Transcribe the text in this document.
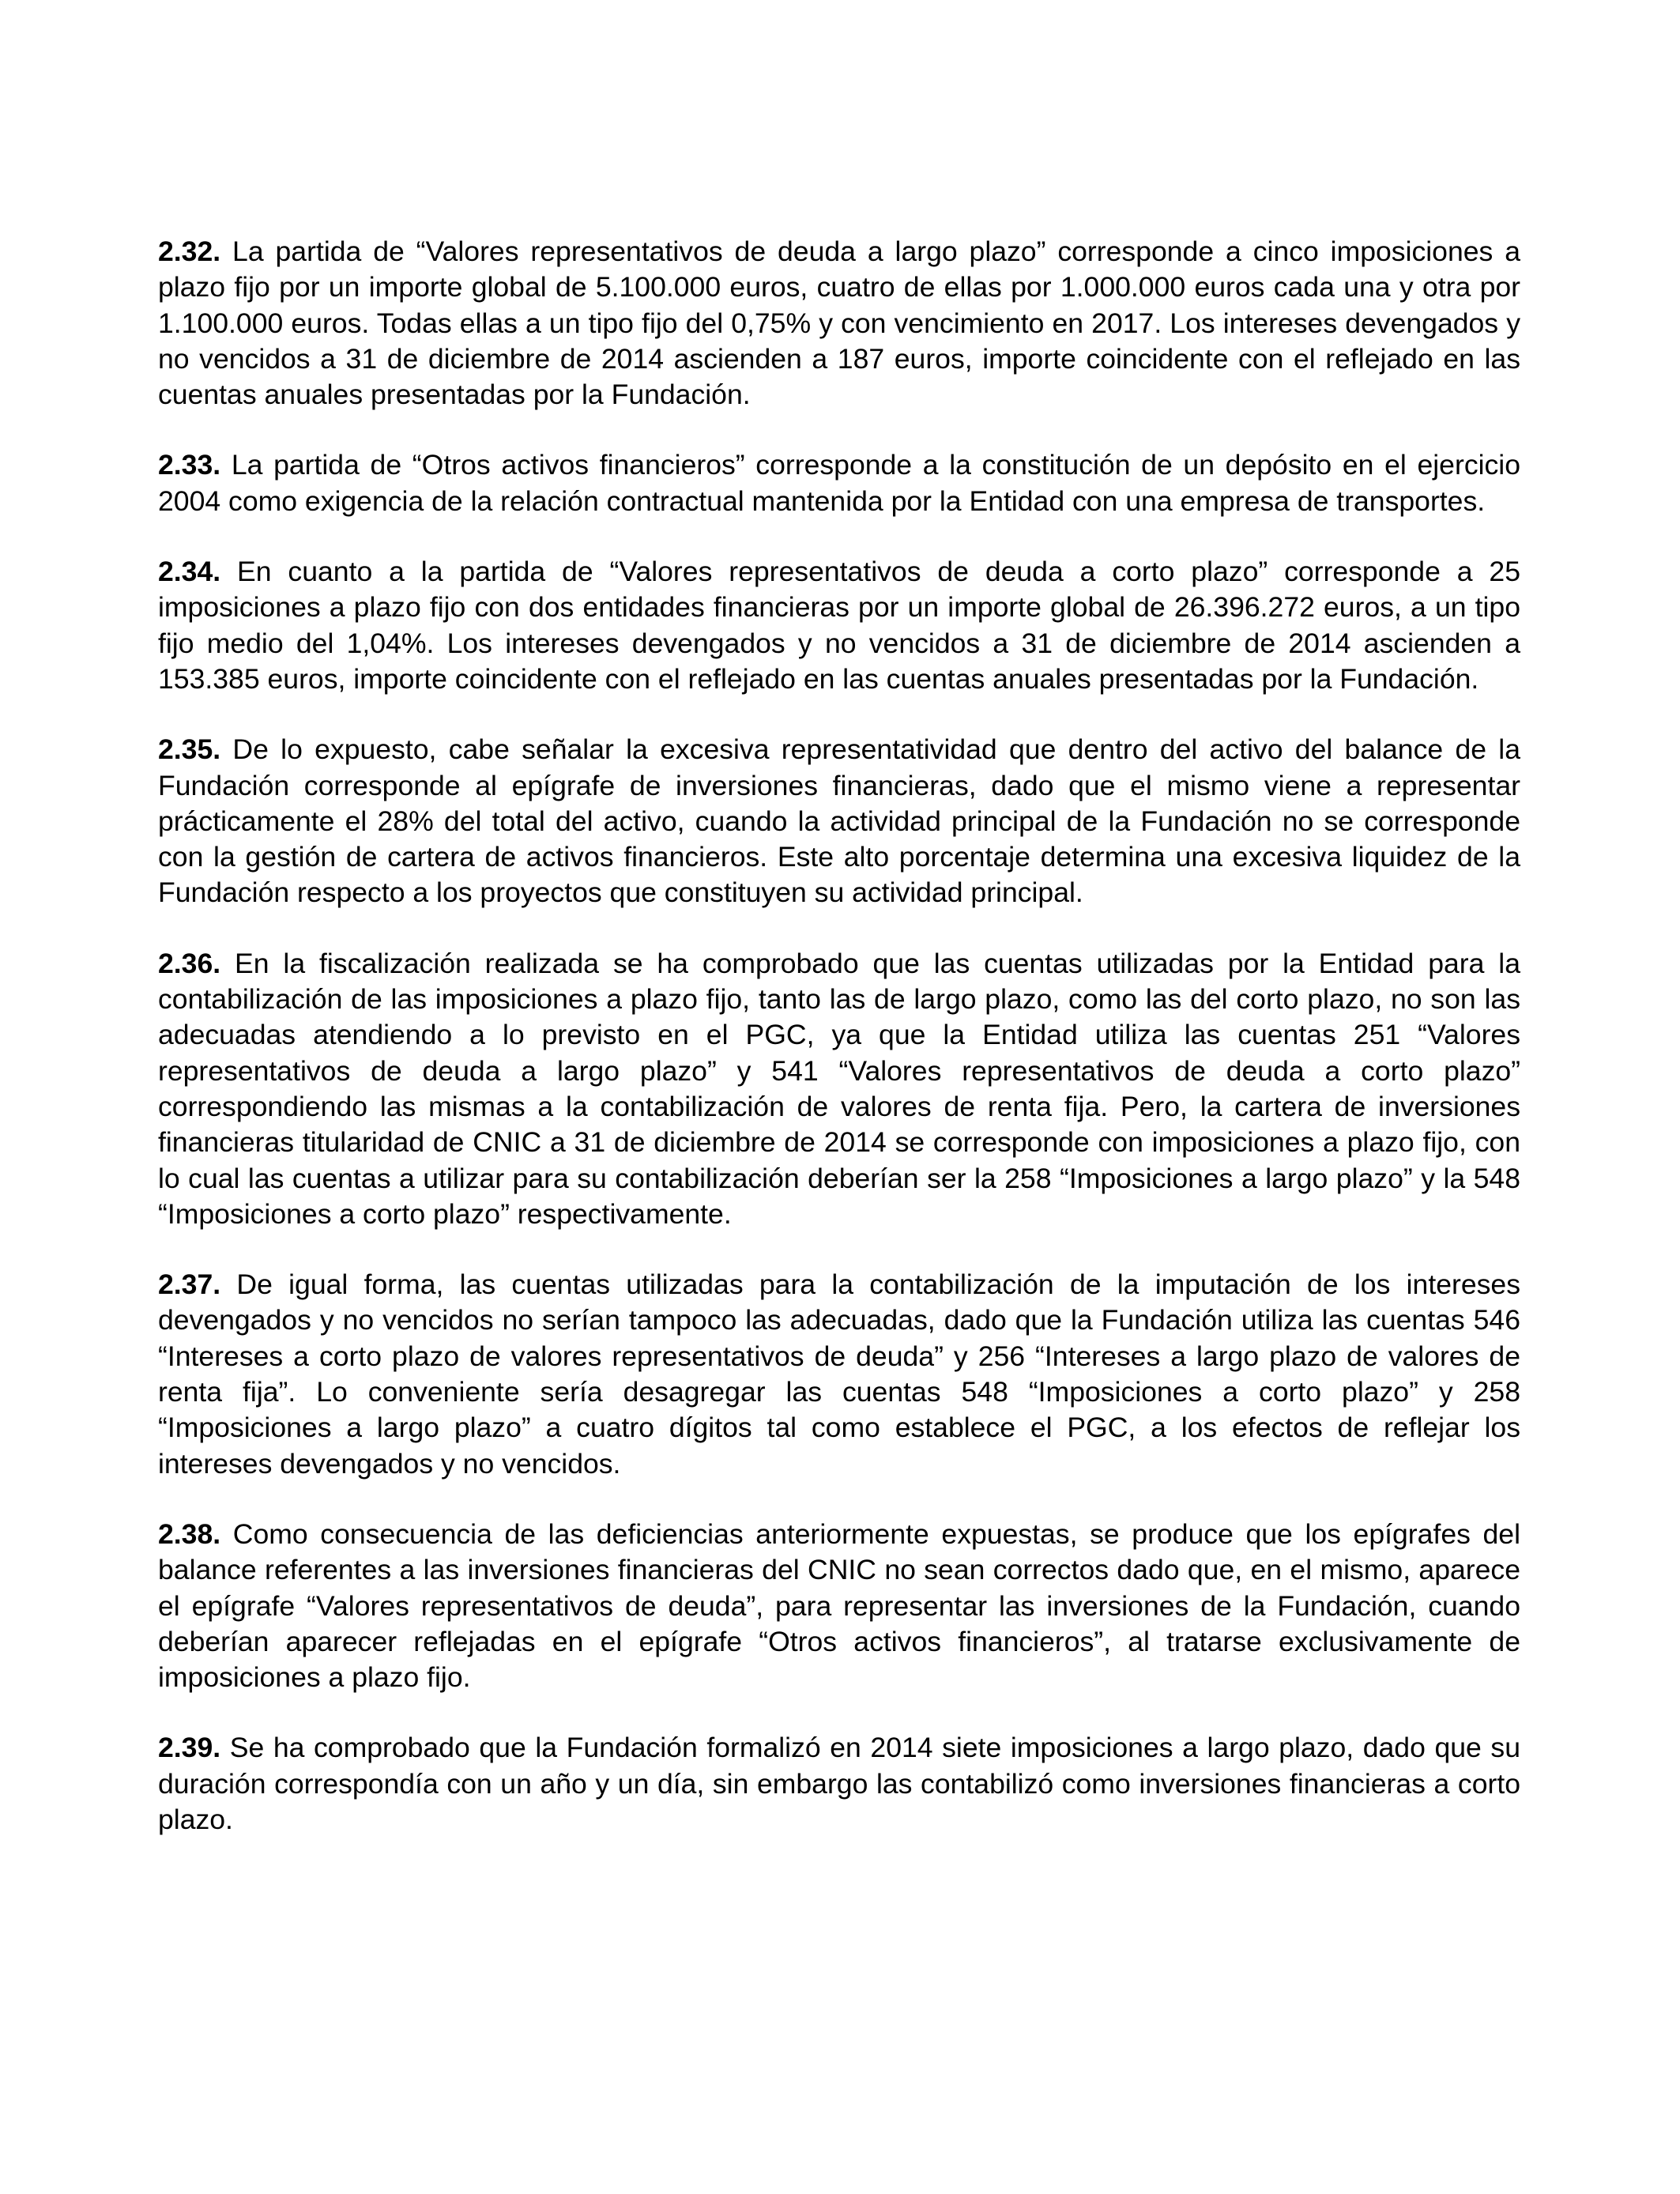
2.32. La partida de “Valores representativos de deuda a largo plazo” corresponde a cinco imposiciones a plazo fijo por un importe global de 5.100.000 euros, cuatro de ellas por 1.000.000 euros cada una y otra por 1.100.000 euros. Todas ellas a un tipo fijo del 0,75% y con vencimiento en 2017. Los intereses devengados y no vencidos a 31 de diciembre de 2014 ascienden a 187 euros, importe coincidente con el reflejado en las cuentas anuales presentadas por la Fundación.

2.33. La partida de “Otros activos financieros” corresponde a la constitución de un depósito en el ejercicio 2004 como exigencia de la relación contractual mantenida por la Entidad con una empresa de transportes.

2.34. En cuanto a la partida de “Valores representativos de deuda a corto plazo” corresponde a 25 imposiciones a plazo fijo con dos entidades financieras por un importe global de 26.396.272 euros, a un tipo fijo medio del 1,04%. Los intereses devengados y no vencidos a 31 de diciembre de 2014 ascienden a 153.385 euros, importe coincidente con el reflejado en las cuentas anuales presentadas por la Fundación.

2.35. De lo expuesto, cabe señalar la excesiva representatividad que dentro del activo del balance de la Fundación corresponde al epígrafe de inversiones financieras, dado que el mismo viene a representar prácticamente el 28% del total del activo, cuando la actividad principal de la Fundación no se corresponde con la gestión de cartera de activos financieros. Este alto porcentaje determina una excesiva liquidez de la Fundación respecto a los proyectos que constituyen su actividad principal.

2.36. En la fiscalización realizada se ha comprobado que las cuentas utilizadas por la Entidad para la contabilización de las imposiciones a plazo fijo, tanto las de largo plazo, como las del corto plazo, no son las adecuadas atendiendo a lo previsto en el PGC, ya que la Entidad utiliza las cuentas 251 “Valores representativos de deuda a largo plazo” y 541 “Valores representativos de deuda a corto plazo” correspondiendo las mismas a la contabilización de valores de renta fija. Pero, la cartera de inversiones financieras titularidad de CNIC a 31 de diciembre de 2014 se corresponde con imposiciones a plazo fijo, con lo cual las cuentas a utilizar para su contabilización deberían ser la 258 “Imposiciones a largo plazo” y la 548 “Imposiciones a corto plazo” respectivamente.

2.37. De igual forma, las cuentas utilizadas para la contabilización de la imputación de los intereses devengados y no vencidos no serían tampoco las adecuadas, dado que la Fundación utiliza las cuentas 546 “Intereses a corto plazo de valores representativos de deuda” y 256 “Intereses a largo plazo de valores de renta fija”. Lo conveniente sería desagregar las cuentas 548 “Imposiciones a corto plazo” y 258 “Imposiciones a largo plazo” a cuatro dígitos tal como establece el PGC, a los efectos de reflejar los intereses devengados y no vencidos.

2.38. Como consecuencia de las deficiencias anteriormente expuestas, se produce que los epígrafes del balance referentes a las inversiones financieras del CNIC no sean correctos dado que, en el mismo, aparece el epígrafe “Valores representativos de deuda”, para representar las inversiones de la Fundación, cuando deberían aparecer reflejadas en el epígrafe “Otros activos financieros”, al tratarse exclusivamente de imposiciones a plazo fijo.

2.39. Se ha comprobado que la Fundación formalizó en 2014 siete imposiciones a largo plazo, dado que su duración correspondía con un año y un día, sin embargo las contabilizó como inversiones financieras a corto plazo.
